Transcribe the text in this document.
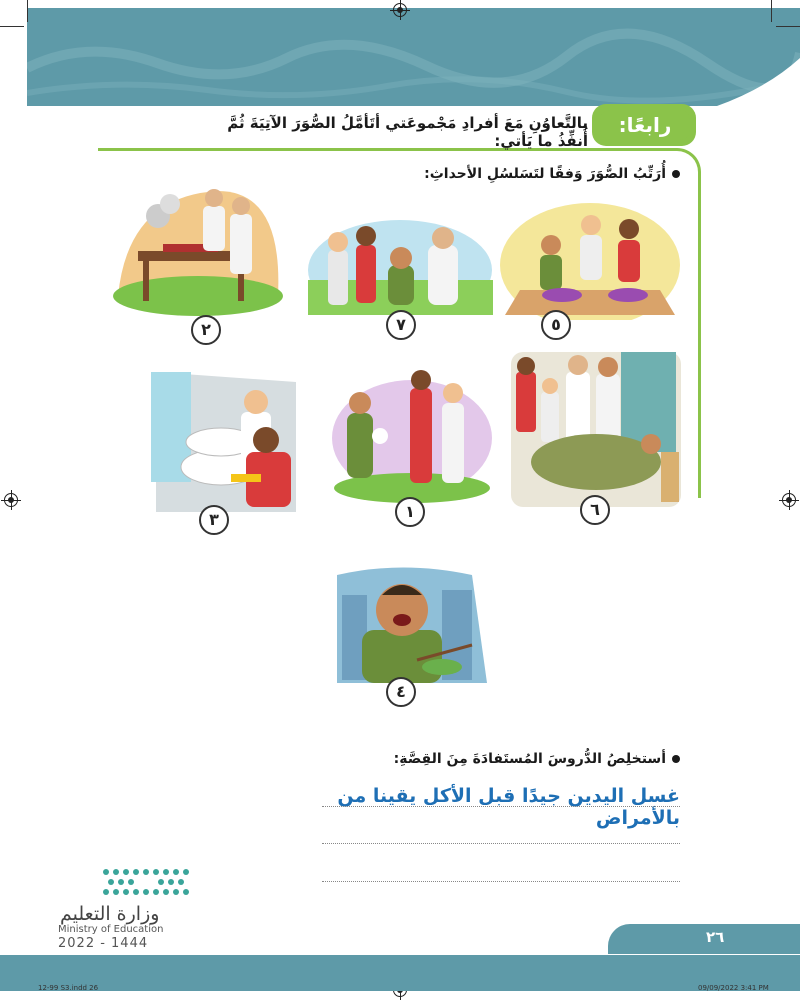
رابعًا:
بالتَّعاوُنِ مَعَ أفرادِ مَجْموعَتي أتَأمَّلُ الصُّوَرَ الآتِيَةَ ثُمَّ أُنفِّذُ ما يَأتي:
أُرَتِّبُ الصُّوَرَ وَفقًا لتَسَلسُلِ الأحداثِ:
٥
٧
٢
٦
١
٣
٤
أستخلِصُ الدُّروسَ المُستَفادَةَ مِنَ القِصَّةِ:
غسل اليدين جيدًا قبل الأكل يقينا من بالأمراض
وزارة التعليم
Ministry of Education
2022 - 1444	٢٦
12-99 S3.indd 26	09/09/2022 3:41 PM
